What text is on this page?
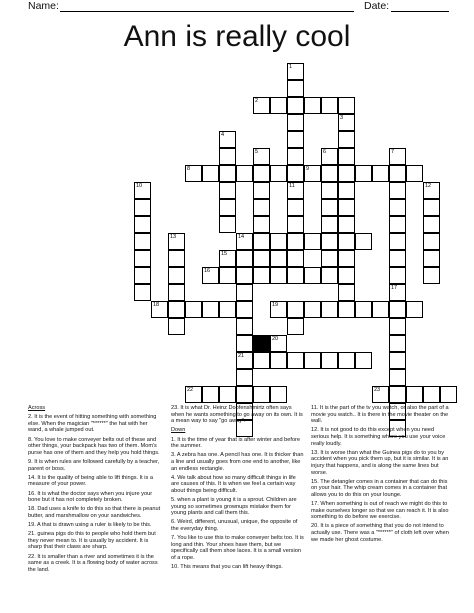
Name:	Date:
Ann is really cool
1
2
3
4
5	6	7
8	9
10	11	12
13	14
15
16
17
18	19
20
21
22	23

Across

2. It is the event of hitting something with something else. When the magician "******" the hat with her wand, a whale jumped out.

8. You love to make conveyer belts out of these and other things, your backpack has two of them. Mom's purse has one of them and they help you hold things.

9. It is when rules are followed carefully by a teacher, parent or boss.

14. It is the quality of being able to lift things. It is a measure of your power.

16. It is what the doctor says when you injure your bone but it has not completely broken.

18. Dad uses a knife to do this so that there is peanut butter, and marshmallow on your sandwiches.

19. A that is drawn using a ruler is likely to be this.

21. guinea pigs do this to people who hold them but they never mean to. It is usually by accident. It is sharp that their claws are sharp.

22. It is smaller than a river and sometimes it is the same as a creek. It is a flowing body of water across the land.

23. It is what Dr. Heinz Doofenshmirtz often says when he wants something to go away on its own. It is a mean way to say "go away".

Down

1. It is the time of year that is after winter and before the summer.

3. A zebra has one. A pencil has one. It is thicker than a line and usually goes from one end to another, like an endless rectangle.

4. We talk about how so many difficult things in life are causes of this. It is when we feel a certain way about things being difficult.

5. when a plant is young it is a sprout. Children are young so sometimes grownups mistake them for young plants and call them this.

6. Weird, different, unusual, unique, the opposite of the everyday thing.

7. You like to use this to make conveyer belts too. It is long and thin. Your shoes have them, but we specifically call them shoe laces. It is a small version of a rope.

10. This means that you can lift heavy things.

11. It is the part of the tv you watch, or also the part of a movie you watch.. It is there in the movie theater on the wall.

12. It is not good to do this except when you need serious help. It is something where you use your voice really loudly.

13. It is worse than what the Guinea pigs do to you by accident when you pick them up, but it is similar. It is an injury that happens, and is along the same lines but worse.

15. The detangler comes in a container that can do this on your hair. The whip cream comes in a container that allows you to do this on your lounge.

17. When something is out of reach we might do this to make ourselves longer so that we can reach it. It is also something to do before we exercise.

20. It is a piece of something that you do not intend to actually use. There was a "******" of cloth left over when we made her ghost costume.
